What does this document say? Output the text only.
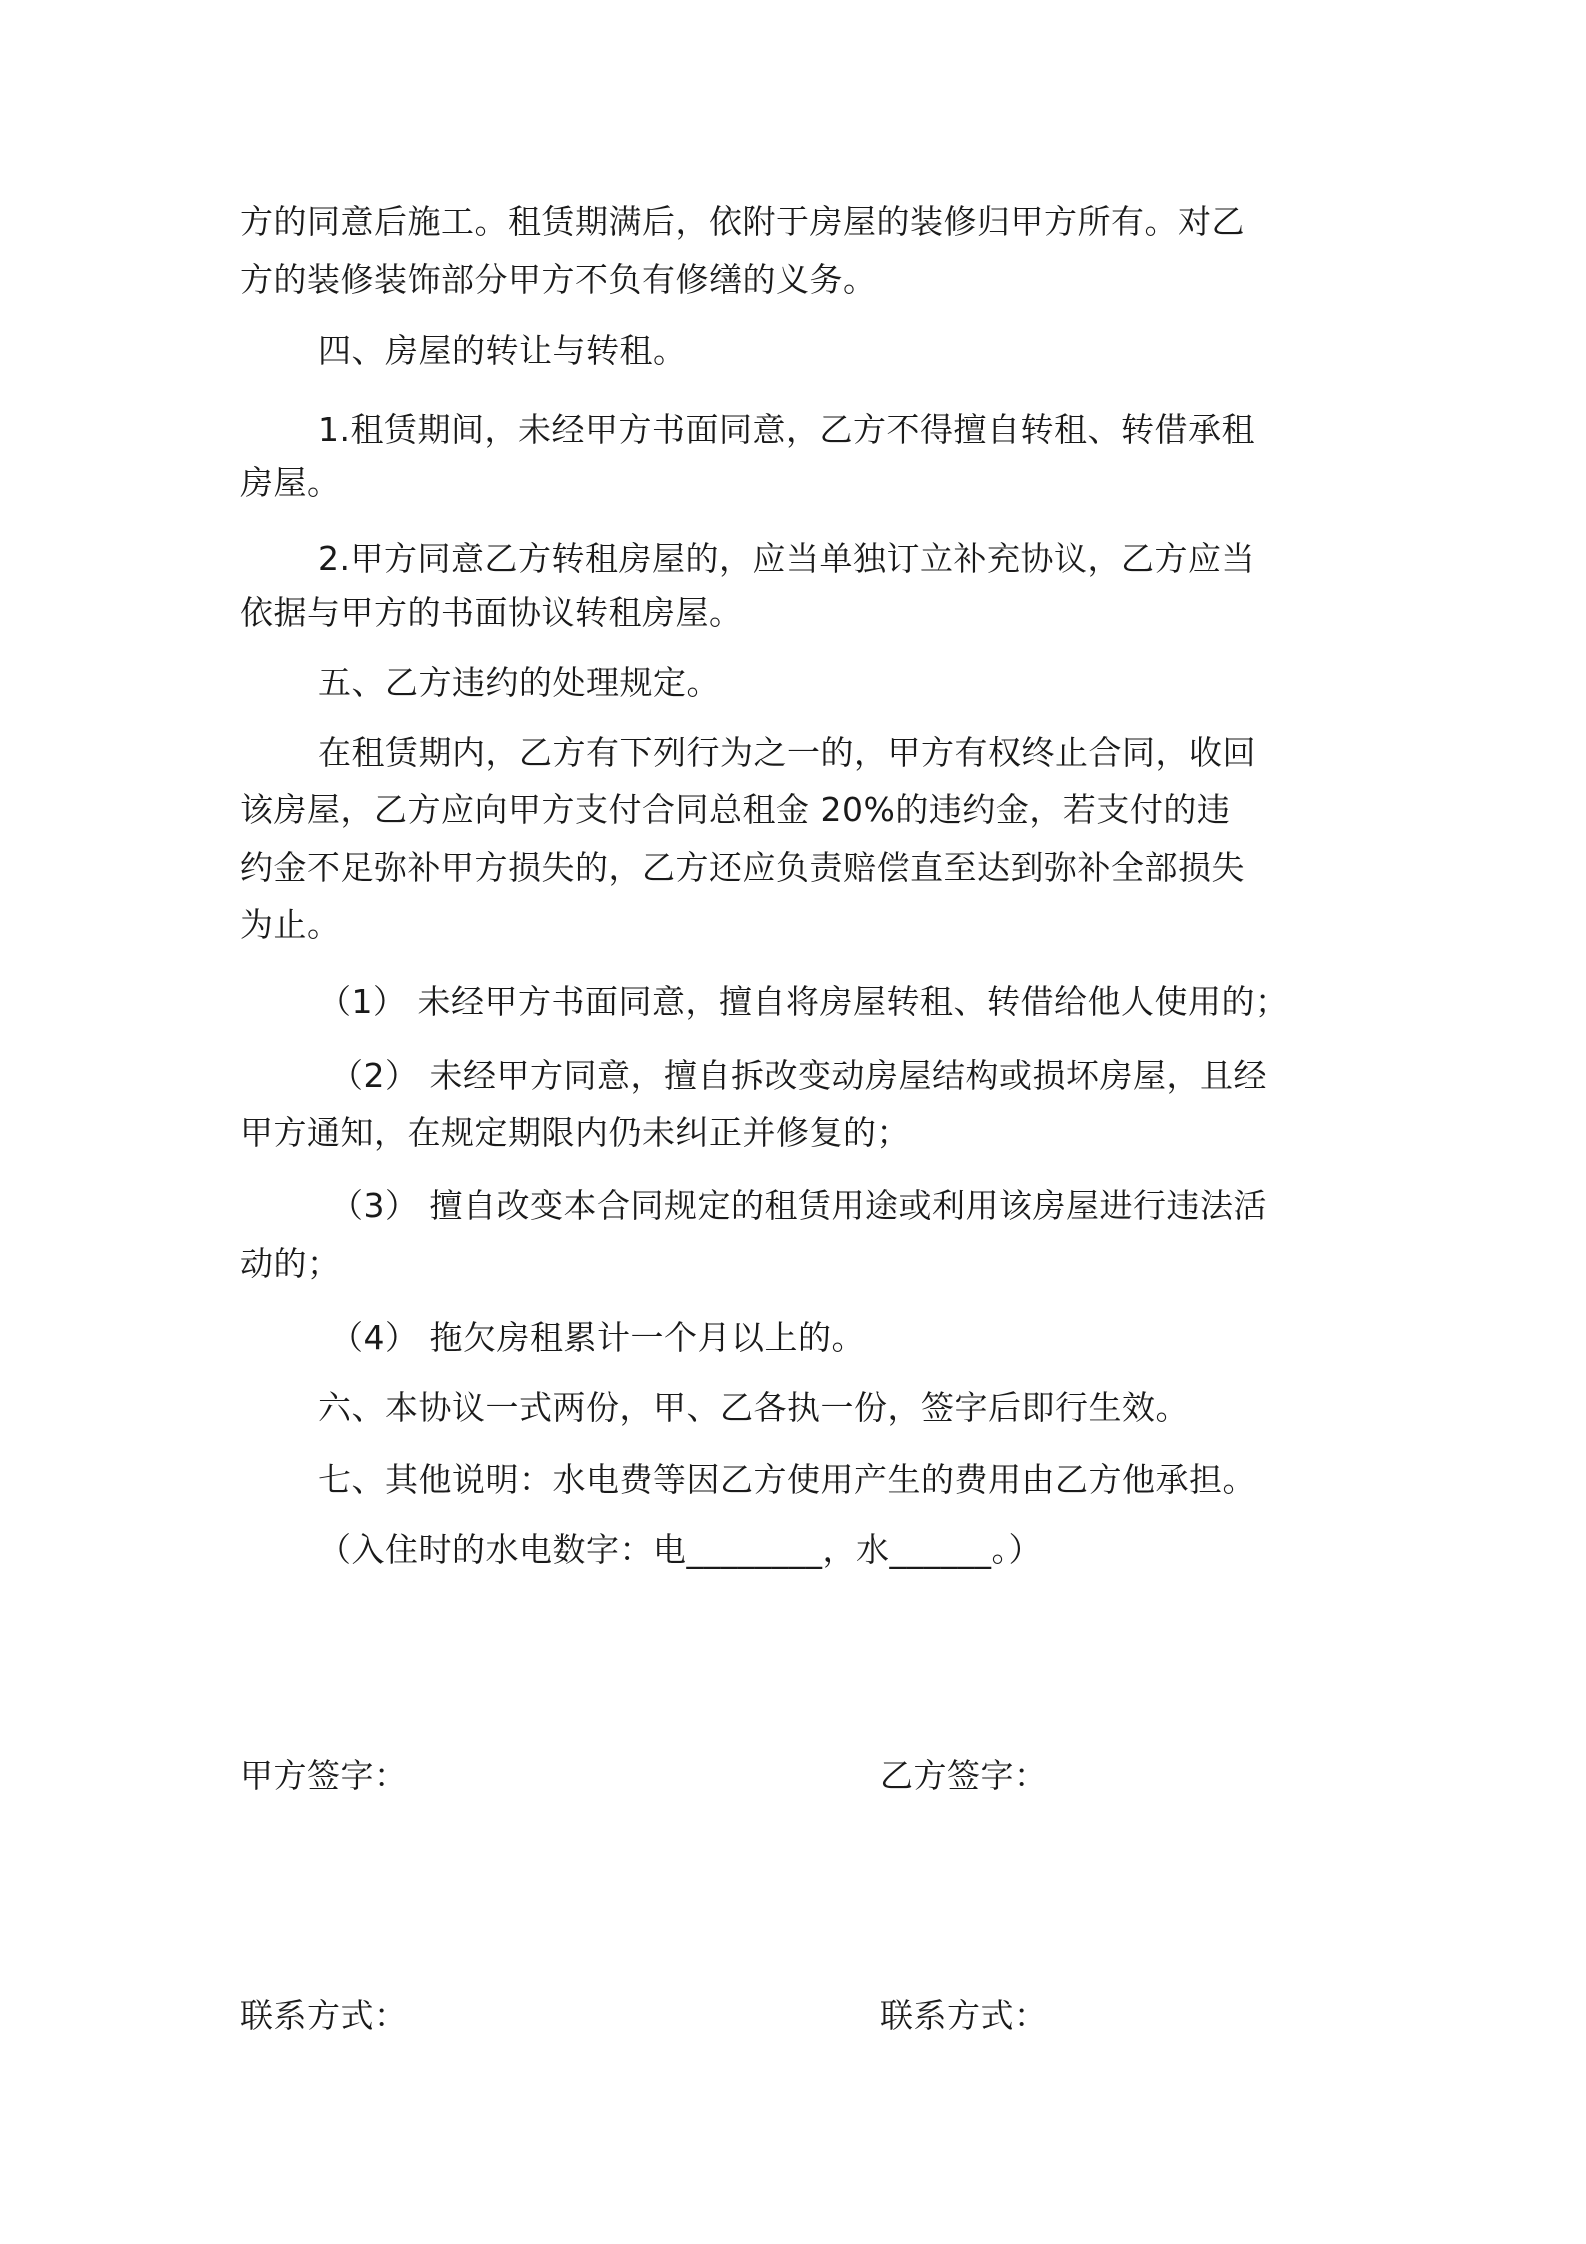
方的同意后施工。租赁期满后，依附于房屋的装修归甲方所有。对乙
方的装修装饰部分甲方不负有修缮的义务。
四、房屋的转让与转租。
1.租赁期间，未经甲方书面同意，乙方不得擅自转租、转借承租
房屋。
2.甲方同意乙方转租房屋的，应当单独订立补充协议，乙方应当
依据与甲方的书面协议转租房屋。
五、乙方违约的处理规定。
在租赁期内，乙方有下列行为之一的，甲方有权终止合同，收回
该房屋，乙方应向甲方支付合同总租金 20%的违约金，若支付的违
约金不足弥补甲方损失的，乙方还应负责赔偿直至达到弥补全部损失
为止。
（1） 未经甲方书面同意，擅自将房屋转租、转借给他人使用的；
（2） 未经甲方同意，擅自拆改变动房屋结构或损坏房屋，且经
甲方通知，在规定期限内仍未纠正并修复的；
（3） 擅自改变本合同规定的租赁用途或利用该房屋进行违法活
动的；
（4） 拖欠房租累计一个月以上的。
六、本协议一式两份，甲、乙各执一份，签字后即行生效。
七、其他说明：水电费等因乙方使用产生的费用由乙方他承担。
（入住时的水电数字：电________，水______。）
甲方签字：	乙方签字：
联系方式：	联系方式：
